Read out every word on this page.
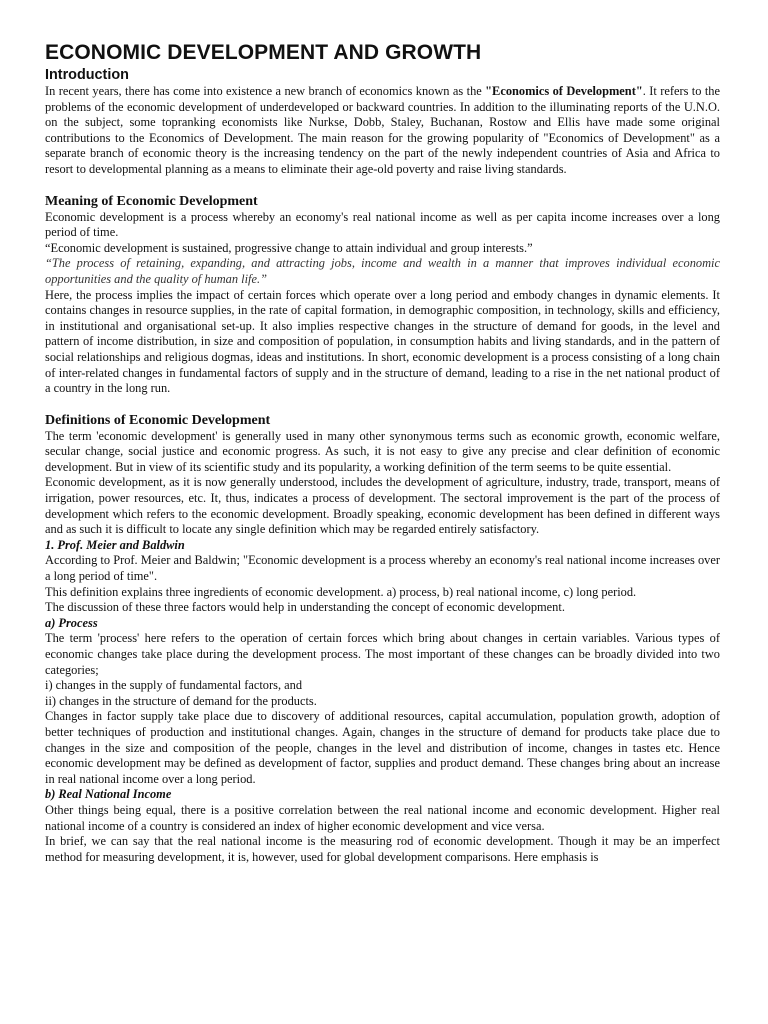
ECONOMIC DEVELOPMENT AND GROWTH
Introduction

In recent years, there has come into existence a new branch of economics known as the "Economics of Development". It refers to the problems of the economic development of underdeveloped or backward countries. In addition to the illuminating reports of the U.N.O. on the subject, some topranking economists like Nurkse, Dobb, Staley, Buchanan, Rostow and Ellis have made some original contributions to the Economics of Development. The main reason for the growing popularity of "Economics of Development" as a separate branch of economic theory is the increasing tendency on the part of the newly independent countries of Asia and Africa to resort to developmental planning as a means to eliminate their age-old poverty and raise living standards.

Meaning of Economic Development

Economic development is a process whereby an economy's real national income as well as per capita income increases over a long period of time.

“Economic development is sustained, progressive change to attain individual and group interests.”

“The process of retaining, expanding, and attracting jobs, income and wealth in a manner that improves individual economic opportunities and the quality of human life.”

Here, the process implies the impact of certain forces which operate over a long period and embody changes in dynamic elements. It contains changes in resource supplies, in the rate of capital formation, in demographic composition, in technology, skills and efficiency, in institutional and organisational set-up. It also implies respective changes in the structure of demand for goods, in the level and pattern of income distribution, in size and composition of population, in consumption habits and living standards, and in the pattern of social relationships and religious dogmas, ideas and institutions. In short, economic development is a process consisting of a long chain of inter-related changes in fundamental factors of supply and in the structure of demand, leading to a rise in the net national product of a country in the long run.

Definitions of Economic Development

The term 'economic development' is generally used in many other synonymous terms such as economic growth, economic welfare, secular change, social justice and economic progress. As such, it is not easy to give any precise and clear definition of economic development. But in view of its scientific study and its popularity, a working definition of the term seems to be quite essential.

Economic development, as it is now generally understood, includes the development of agriculture, industry, trade, transport, means of irrigation, power resources, etc. It, thus, indicates a process of development. The sectoral improvement is the part of the process of development which refers to the economic development. Broadly speaking, economic development has been defined in different ways and as such it is difficult to locate any single definition which may be regarded entirely satisfactory.

1. Prof. Meier and Baldwin

According to Prof. Meier and Baldwin; "Economic development is a process whereby an economy's real national income increases over a long period of time".

This definition explains three ingredients of economic development. a) process, b) real national income, c) long period.

The discussion of these three factors would help in understanding the concept of economic development.

a) Process

The term 'process' here refers to the operation of certain forces which bring about changes in certain variables. Various types of economic changes take place during the development process. The most important of these changes can be broadly divided into two categories;

i) changes in the supply of fundamental factors, and

ii) changes in the structure of demand for the products.

Changes in factor supply take place due to discovery of additional resources, capital accumulation, population growth, adoption of better techniques of production and institutional changes. Again, changes in the structure of demand for products take place due to changes in the size and composition of the people, changes in the level and distribution of income, changes in tastes etc. Hence economic development may be defined as development of factor, supplies and product demand. These changes bring about an increase in real national income over a long period.

b) Real National Income

Other things being equal, there is a positive correlation between the real national income and economic development. Higher real national income of a country is considered an index of higher economic development and vice versa.

In brief, we can say that the real national income is the measuring rod of economic development. Though it may be an imperfect method for measuring development, it is, however, used for global development comparisons. Here emphasis is
